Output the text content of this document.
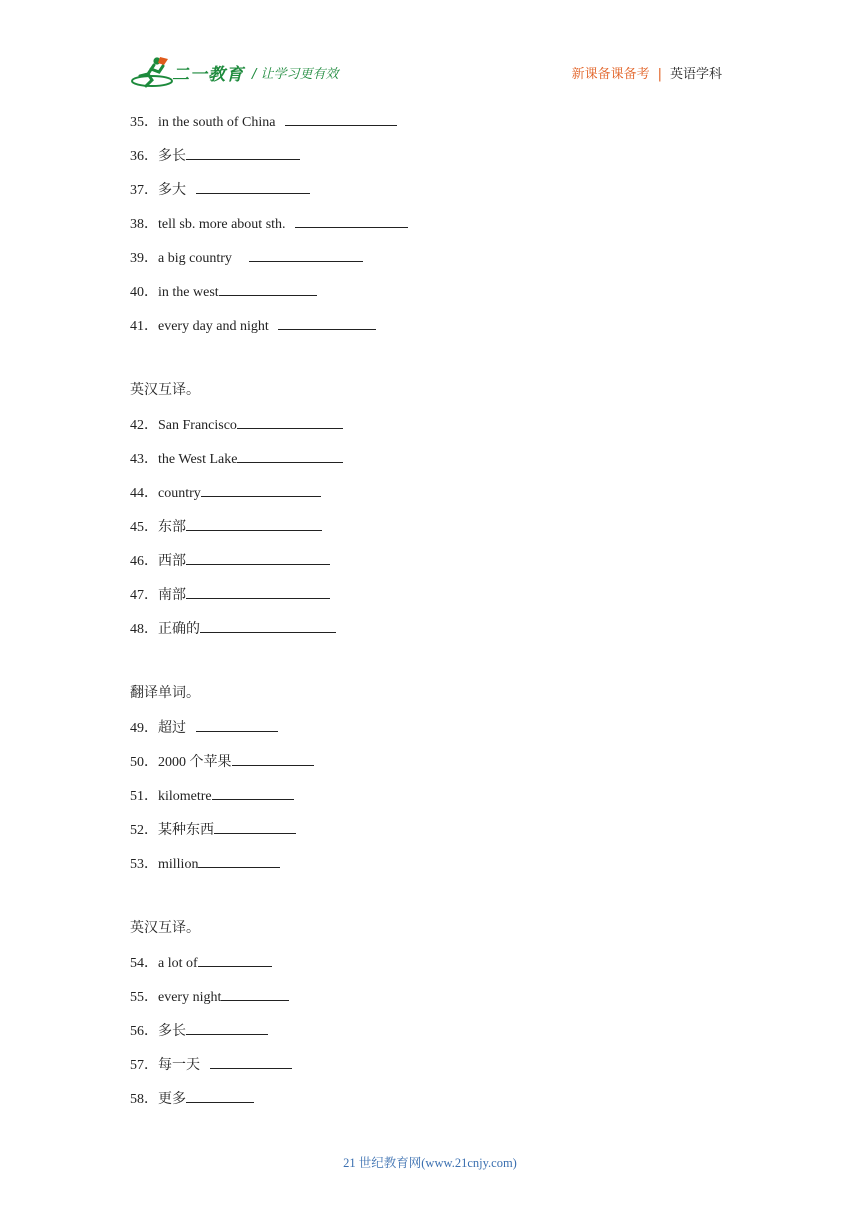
二一教育 / 让学习更有效	新课备课备考 | 英语学科
35．in the south of China
36．多长
37．多大
38．tell sb. more about sth.
39．a big country
40．in the west
41．every day and night
英汉互译。
42．San Francisco
43．the West Lake
44．country
45．东部
46．西部
47．南部
48．正确的
翻译单词。
49．超过
50．2000 个苹果
51．kilometre
52．某种东西
53．million
英汉互译。
54．a lot of
55．every night
56．多长
57．每一天
58．更多
21 世纪教育网(www.21cnjy.com)
